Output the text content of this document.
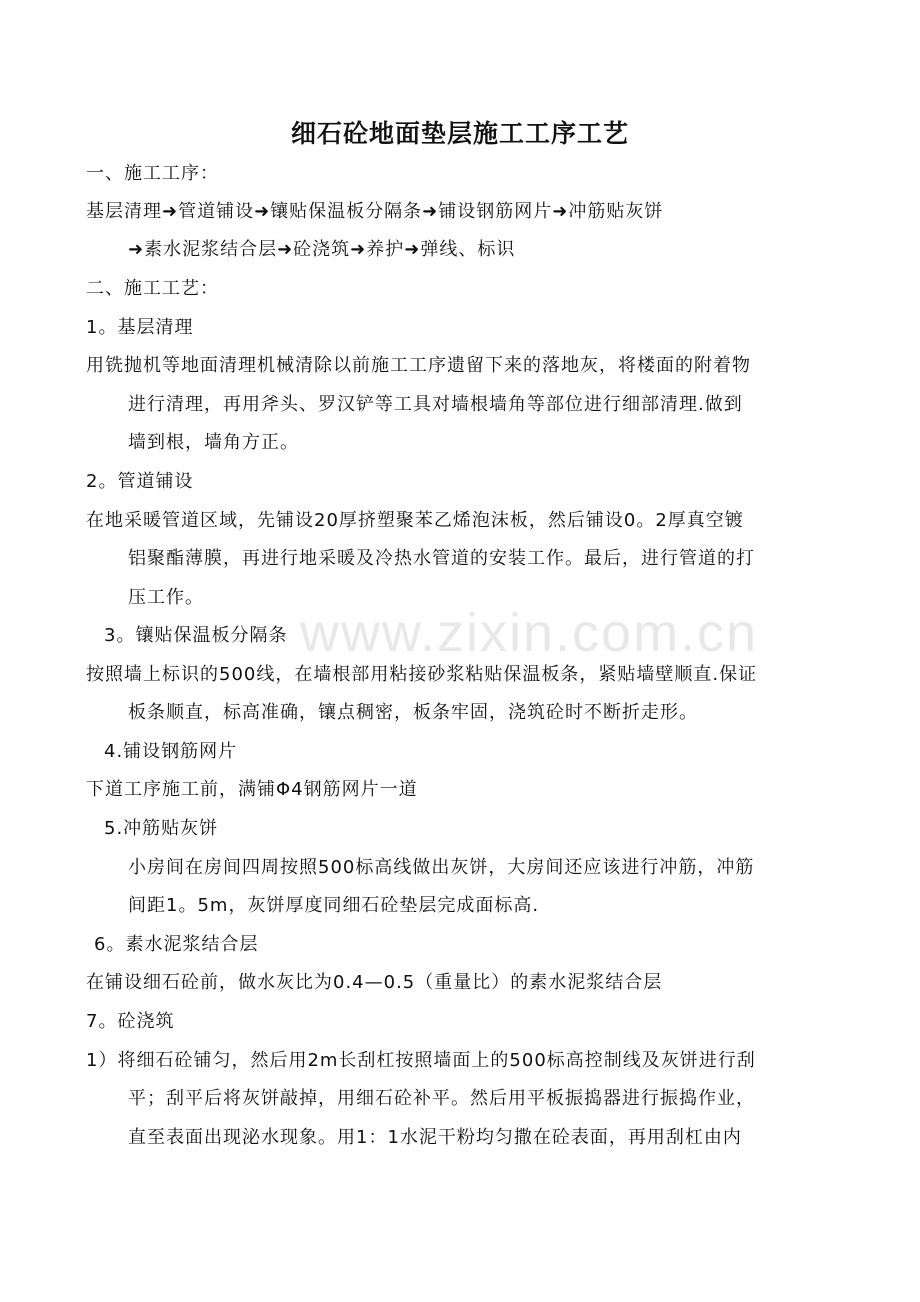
细石砼地面垫层施工工序工艺
一、施工工序：
基层清理➜管道铺设➜镶贴保温板分隔条➜铺设钢筋网片➜冲筋贴灰饼
➜素水泥浆结合层➜砼浇筑➜养护➜弹线、标识
二、施工工艺：
1。基层清理
用铣抛机等地面清理机械清除以前施工工序遗留下来的落地灰，将楼面的附着物
进行清理，再用斧头、罗汉铲等工具对墙根墙角等部位进行细部清理.做到
墙到根，墙角方正。
2。管道铺设
在地采暖管道区域，先铺设20厚挤塑聚苯乙烯泡沫板，然后铺设0。2厚真空镀
铝聚酯薄膜，再进行地采暖及冷热水管道的安装工作。最后，进行管道的打
压工作。
3。镶贴保温板分隔条
按照墙上标识的500线，在墙根部用粘接砂浆粘贴保温板条，紧贴墙壁顺直.保证
板条顺直，标高准确，镶点稠密，板条牢固，浇筑砼时不断折走形。
4.铺设钢筋网片
下道工序施工前，满铺Φ4钢筋网片一道
5.冲筋贴灰饼
小房间在房间四周按照500标高线做出灰饼，大房间还应该进行冲筋，冲筋
间距1。5m，灰饼厚度同细石砼垫层完成面标高.
6。素水泥浆结合层
在铺设细石砼前，做水灰比为0.4—0.5（重量比）的素水泥浆结合层
7。砼浇筑
1）将细石砼铺匀，然后用2m长刮杠按照墙面上的500标高控制线及灰饼进行刮
平；刮平后将灰饼敲掉，用细石砼补平。然后用平板振捣器进行振捣作业，
直至表面出现泌水现象。用1：1水泥干粉均匀撒在砼表面，再用刮杠由内
www.zixin.com.cn
